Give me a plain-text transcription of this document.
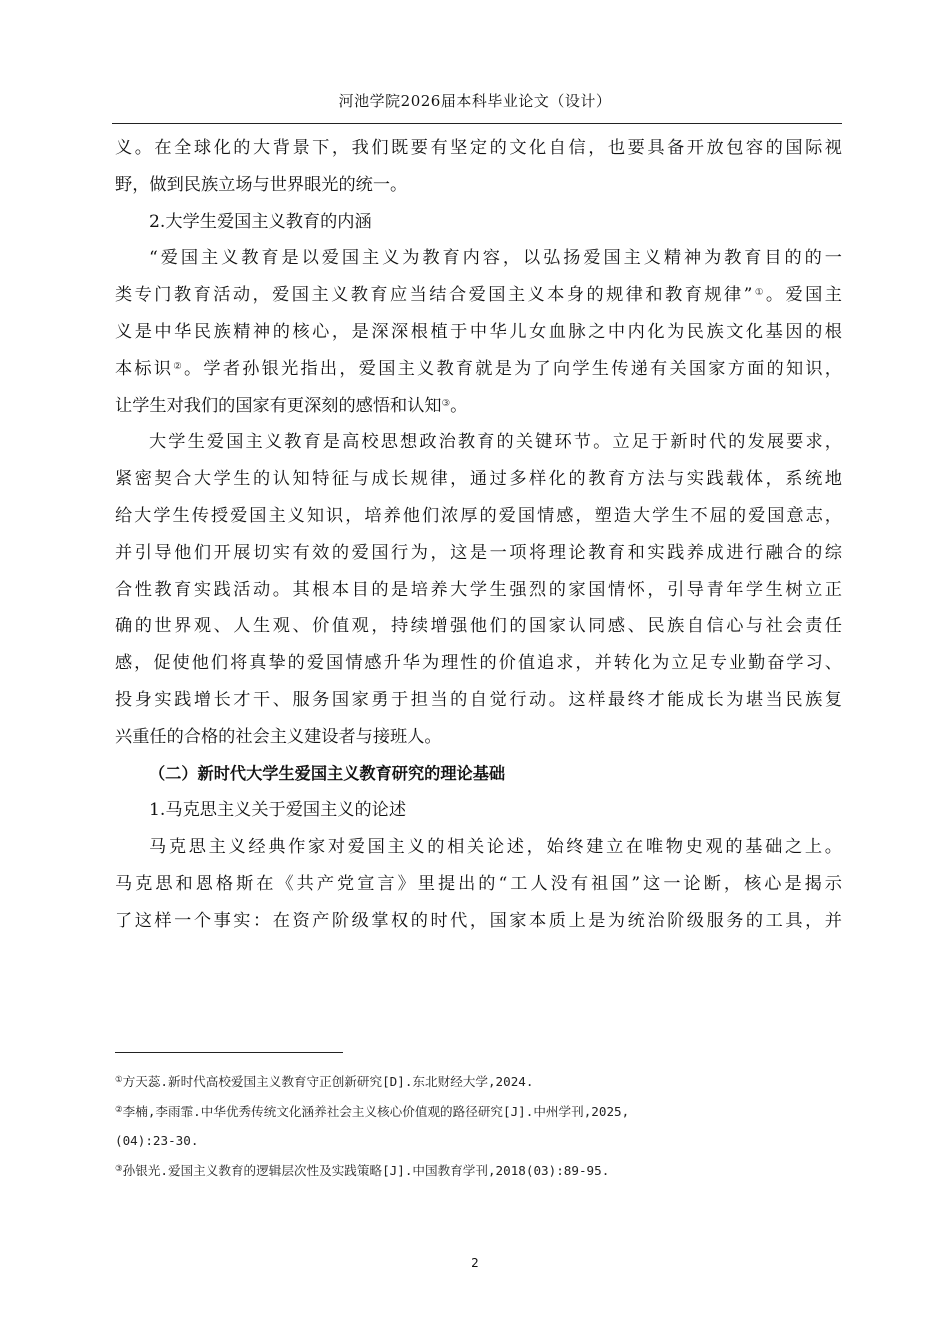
河池学院2026届本科毕业论文（设计）
义。在全球化的大背景下，我们既要有坚定的文化自信，也要具备开放包容的国际视
野，做到民族立场与世界眼光的统一。
2.大学生爱国主义教育的内涵
“爱国主义教育是以爱国主义为教育内容，以弘扬爱国主义精神为教育目的的一
类专门教育活动，爱国主义教育应当结合爱国主义本身的规律和教育规律”①。爱国主
义是中华民族精神的核心，是深深根植于中华儿女血脉之中内化为民族文化基因的根
本标识②。学者孙银光指出，爱国主义教育就是为了向学生传递有关国家方面的知识，
让学生对我们的国家有更深刻的感悟和认知③。
大学生爱国主义教育是高校思想政治教育的关键环节。立足于新时代的发展要求，
紧密契合大学生的认知特征与成长规律，通过多样化的教育方法与实践载体，系统地
给大学生传授爱国主义知识，培养他们浓厚的爱国情感，塑造大学生不屈的爱国意志，
并引导他们开展切实有效的爱国行为，这是一项将理论教育和实践养成进行融合的综
合性教育实践活动。其根本目的是培养大学生强烈的家国情怀，引导青年学生树立正
确的世界观、人生观、价值观，持续增强他们的国家认同感、民族自信心与社会责任
感，促使他们将真挚的爱国情感升华为理性的价值追求，并转化为立足专业勤奋学习、
投身实践增长才干、服务国家勇于担当的自觉行动。这样最终才能成长为堪当民族复
兴重任的合格的社会主义建设者与接班人。
（二）新时代大学生爱国主义教育研究的理论基础
1.马克思主义关于爱国主义的论述
马克思主义经典作家对爱国主义的相关论述，始终建立在唯物史观的基础之上。
马克思和恩格斯在《共产党宣言》里提出的“工人没有祖国”这一论断，核心是揭示
了这样一个事实：在资产阶级掌权的时代，国家本质上是为统治阶级服务的工具，并
①方天蕊.新时代高校爱国主义教育守正创新研究[D].东北财经大学,2024.
②李楠,李雨霏.中华优秀传统文化涵养社会主义核心价值观的路径研究[J].中州学刊,2025,
(04):23-30.
③孙银光.爱国主义教育的逻辑层次性及实践策略[J].中国教育学刊,2018(03):89-95.
2
